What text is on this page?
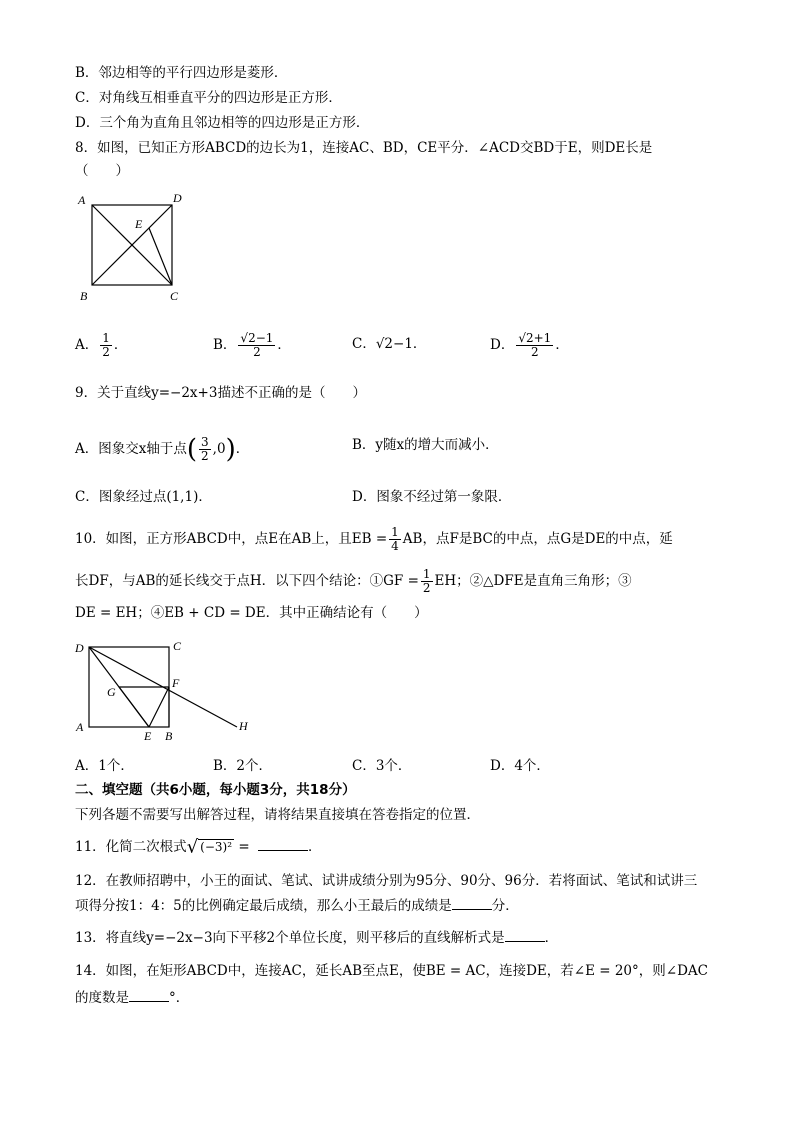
B．邻边相等的平行四边形是菱形．
C．对角线互相垂直平分的四边形是正方形．
D．三个角为直角且邻边相等的四边形是正方形．
8．如图，已知正方形ABCD的边长为1，连接AC、BD，CE平分．∠ACD交BD于E，则DE长是
（　　）
A	D
E
B	C
A． $\frac{1}{2}$ ．	B． $\frac{√2-1}{2}$ ．	C．√2−1．	D． $\frac{√2+1}{2}$ ．
9．关于直线y=−2x+3描述不正确的是（　　）
A．图象交x轴于点( $\frac{3}{2} ,0$)．	B．y随x的增大而减小．
C．图象经过点(1,1)．	D．图象不经过第一象限．
10．如图，正方形ABCD中，点E在AB上，且EB = $\frac{1}{4}$ AB，点F是BC的中点，点G是DE的中点，延
长DF，与AB的延长线交于点H．以下四个结论：①GF = $\frac{1}{2}$ EH；②△DFE是直角三角形；③
DE = EH；④EB + CD = DE．其中正确结论有（　　）
D	C
G
F
A
E B
H
A．1个．	B．2个．	C．3个．	D．4个．
二、填空题（共6小题，每小题3分，共18分）
下列各题不需要写出解答过程，请将结果直接填在答卷指定的位置．
11．化简二次根式√ (−3)² =	．
12．在教师招聘中，小王的面试、笔试、试讲成绩分别为95分、90分、96分．若将面试、笔试和试讲三
项得分按1：4：5的比例确定最后成绩，那么小王最后的成绩是	分．
13．将直线y=−2x−3向下平移2个单位长度，则平移后的直线解析式是	．
14．如图，在矩形ABCD中，连接AC，延长AB至点E，使BE = AC，连接DE，若∠E = 20°，则∠DAC
的度数是	°．
